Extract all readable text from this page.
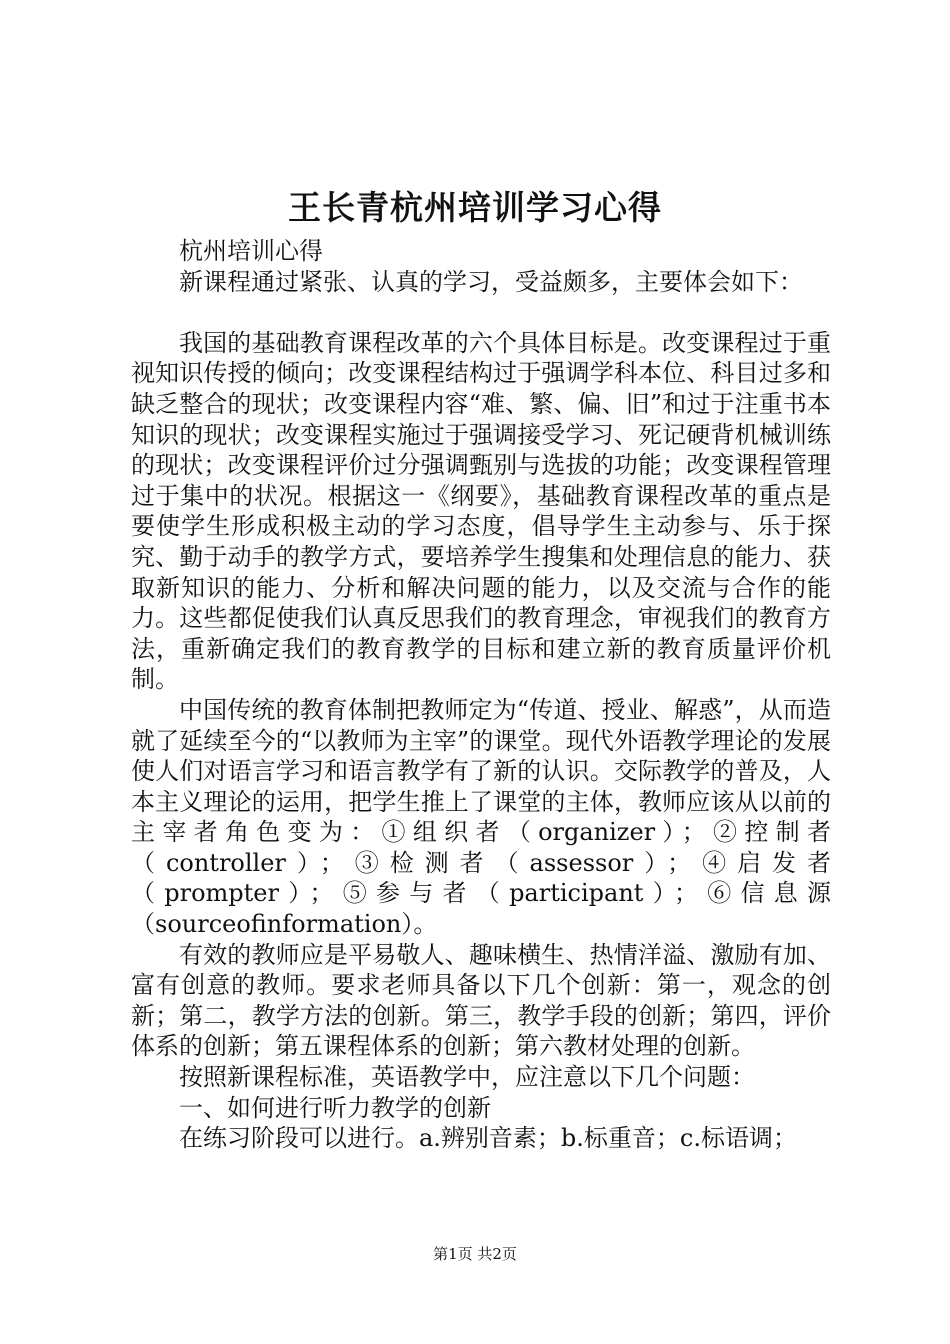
王长青杭州培训学习心得

杭州培训心得

新课程通过紧张、认真的学习，受益颇多，主要体会如下：

我国的基础教育课程改革的六个具体目标是。改变课程过于重视知识传授的倾向；改变课程结构过于强调学科本位、科目过多和缺乏整合的现状；改变课程内容“难、繁、偏、旧”和过于注重书本知识的现状；改变课程实施过于强调接受学习、死记硬背机械训练的现状；改变课程评价过分强调甄别与选拔的功能；改变课程管理过于集中的状况。根据这一《纲要》，基础教育课程改革的重点是要使学生形成积极主动的学习态度，倡导学生主动参与、乐于探究、勤于动手的教学方式，要培养学生搜集和处理信息的能力、获取新知识的能力、分析和解决问题的能力，以及交流与合作的能力。这些都促使我们认真反思我们的教育理念，审视我们的教育方法，重新确定我们的教育教学的目标和建立新的教育质量评价机制。

中国传统的教育体制把教师定为“传道、授业、解惑”，从而造就了延续至今的“以教师为主宰”的课堂。现代外语教学理论的发展使人们对语言学习和语言教学有了新的认识。交际教学的普及，人本主义理论的运用，把学生推上了课堂的主体，教师应该从以前的主宰者角色变为：①组织者（organizer）；②控制者（controller）；③检测者（assessor）；④启发者（prompter）；⑤参与者（participant）；⑥信息源（sourceofinformation）。

有效的教师应是平易敬人、趣味横生、热情洋溢、激励有加、富有创意的教师。要求老师具备以下几个创新：第一，观念的创新；第二，教学方法的创新。第三，教学手段的创新；第四，评价体系的创新；第五课程体系的创新；第六教材处理的创新。

按照新课程标准，英语教学中，应注意以下几个问题：

一、如何进行听力教学的创新

在练习阶段可以进行。a.辨别音素；b.标重音；c.标语调；

第1页 共2页
